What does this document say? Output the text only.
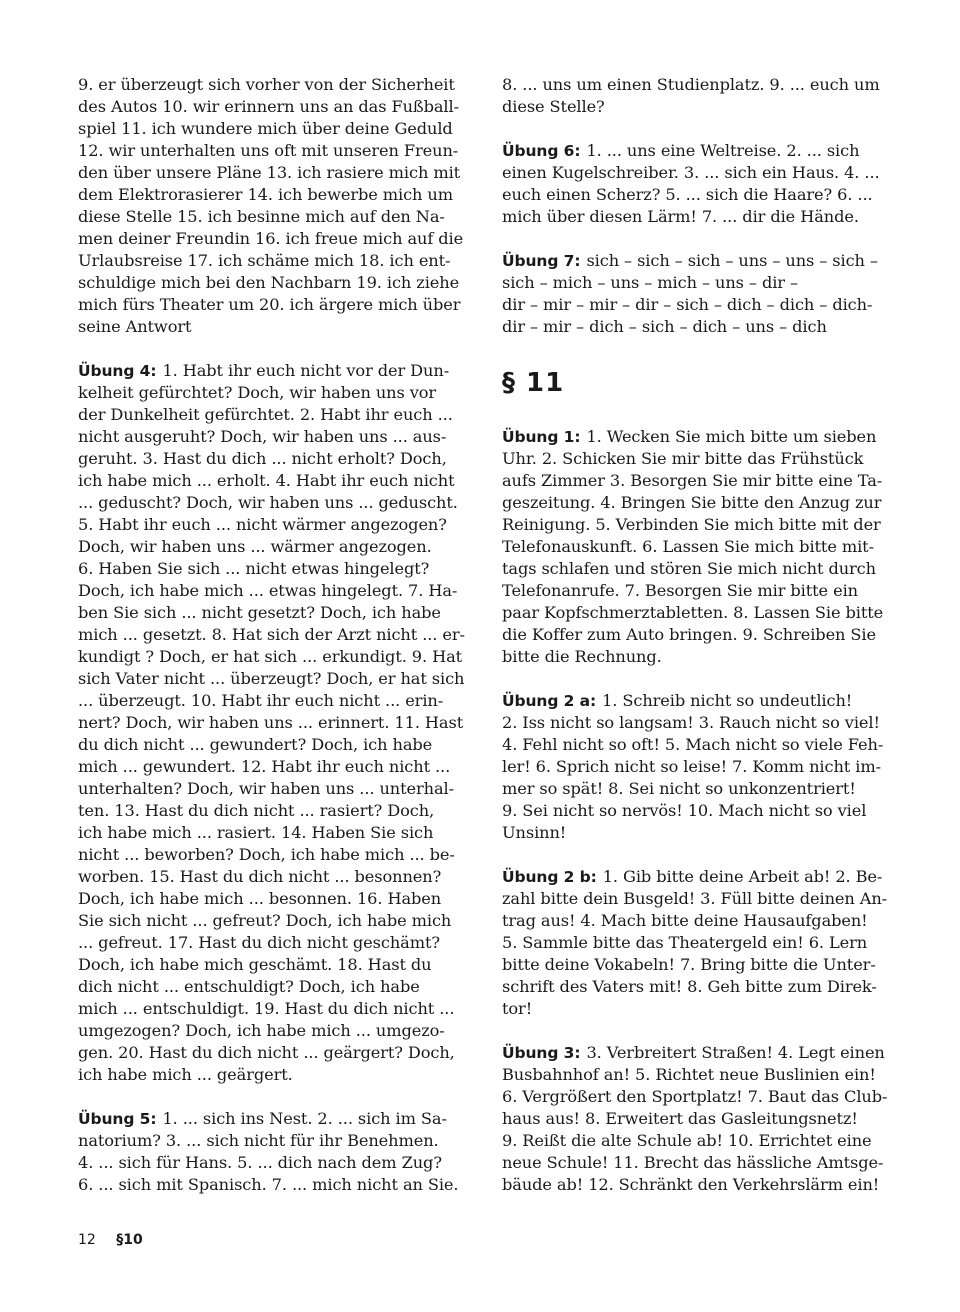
9. er überzeugt sich vorher von der Sicherheit
des Autos 10. wir erinnern uns an das Fußball-
spiel 11. ich wundere mich über deine Geduld
12. wir unterhalten uns oft mit unseren Freun-
den über unsere Pläne 13. ich rasiere mich mit
dem Elektrorasierer 14. ich bewerbe mich um
diese Stelle 15. ich besinne mich auf den Na-
men deiner Freundin 16. ich freue mich auf die
Urlaubsreise 17. ich schäme mich 18. ich ent-
schuldige mich bei den Nachbarn 19. ich ziehe
mich fürs Theater um 20. ich ärgere mich über
seine Antwort

Übung 4: 1. Habt ihr euch nicht vor der Dun-
kelheit gefürchtet? Doch, wir haben uns vor
der Dunkelheit gefürchtet. 2. Habt ihr euch ...
nicht ausgeruht? Doch, wir haben uns ... aus-
geruht. 3. Hast du dich ... nicht erholt? Doch,
ich habe mich ... erholt. 4. Habt ihr euch nicht
... geduscht? Doch, wir haben uns ... geduscht.
5. Habt ihr euch ... nicht wärmer angezogen?
Doch, wir haben uns ... wärmer angezogen.
6. Haben Sie sich ... nicht etwas hingelegt?
Doch, ich habe mich ... etwas hingelegt. 7. Ha-
ben Sie sich ... nicht gesetzt? Doch, ich habe
mich ... gesetzt. 8. Hat sich der Arzt nicht ... er-
kundigt ? Doch, er hat sich ... erkundigt. 9. Hat
sich Vater nicht ... überzeugt? Doch, er hat sich
... überzeugt. 10. Habt ihr euch nicht ... erin-
nert? Doch, wir haben uns ... erinnert. 11. Hast
du dich nicht ... gewundert? Doch, ich habe
mich ... gewundert. 12. Habt ihr euch nicht ...
unterhalten? Doch, wir haben uns ... unterhal-
ten. 13. Hast du dich nicht ... rasiert? Doch,
ich habe mich ... rasiert. 14. Haben Sie sich
nicht ... beworben? Doch, ich habe mich ... be-
worben. 15. Hast du dich nicht ... besonnen?
Doch, ich habe mich ... besonnen. 16. Haben
Sie sich nicht ... gefreut? Doch, ich habe mich
... gefreut. 17. Hast du dich nicht geschämt?
Doch, ich habe mich geschämt. 18. Hast du
dich nicht ... entschuldigt? Doch, ich habe
mich ... entschuldigt. 19. Hast du dich nicht ...
umgezogen? Doch, ich habe mich ... umgezo-
gen. 20. Hast du dich nicht ... geärgert? Doch,
ich habe mich ... geärgert.

Übung 5: 1. ... sich ins Nest. 2. ... sich im Sa-
natorium? 3. ... sich nicht für ihr Benehmen.
4. ... sich für Hans. 5. ... dich nach dem Zug?
6. ... sich mit Spanisch. 7. ... mich nicht an Sie.

8. ... uns um einen Studienplatz. 9. ... euch um
diese Stelle?

Übung 6: 1. ... uns eine Weltreise. 2. ... sich
einen Kugelschreiber. 3. ... sich ein Haus. 4. ...
euch einen Scherz? 5. ... sich die Haare? 6. ...
mich über diesen Lärm! 7. ... dir die Hände.

Übung 7: sich – sich – sich – uns – uns – sich –
sich – mich – uns – mich – uns – dir –
dir – mir – mir – dir – sich – dich – dich – dich-
dir – mir – dich – sich – dich – uns – dich

§ 11

Übung 1: 1. Wecken Sie mich bitte um sieben
Uhr. 2. Schicken Sie mir bitte das Frühstück
aufs Zimmer 3. Besorgen Sie mir bitte eine Ta-
geszeitung. 4. Bringen Sie bitte den Anzug zur
Reinigung. 5. Verbinden Sie mich bitte mit der
Telefonauskunft. 6. Lassen Sie mich bitte mit-
tags schlafen und stören Sie mich nicht durch
Telefonanrufe. 7. Besorgen Sie mir bitte ein
paar Kopfschmerztabletten. 8. Lassen Sie bitte
die Koffer zum Auto bringen. 9. Schreiben Sie
bitte die Rechnung.

Übung 2 a: 1. Schreib nicht so undeutlich!
2. Iss nicht so langsam! 3. Rauch nicht so viel!
4. Fehl nicht so oft! 5. Mach nicht so viele Feh-
ler! 6. Sprich nicht so leise! 7. Komm nicht im-
mer so spät! 8. Sei nicht so unkonzentriert!
9. Sei nicht so nervös! 10. Mach nicht so viel
Unsinn!

Übung 2 b: 1. Gib bitte deine Arbeit ab! 2. Be-
zahl bitte dein Busgeld! 3. Füll bitte deinen An-
trag aus! 4. Mach bitte deine Hausaufgaben!
5. Sammle bitte das Theatergeld ein! 6. Lern
bitte deine Vokabeln! 7. Bring bitte die Unter-
schrift des Vaters mit! 8. Geh bitte zum Direk-
tor!

Übung 3: 3. Verbreitert Straßen! 4. Legt einen
Busbahnhof an! 5. Richtet neue Buslinien ein!
6. Vergrößert den Sportplatz! 7. Baut das Club-
haus aus! 8. Erweitert das Gasleitungsnetz!
9. Reißt die alte Schule ab! 10. Errichtet eine
neue Schule! 11. Brecht das hässliche Amtsge-
bäude ab! 12. Schränkt den Verkehrslärm ein!

12 §10
